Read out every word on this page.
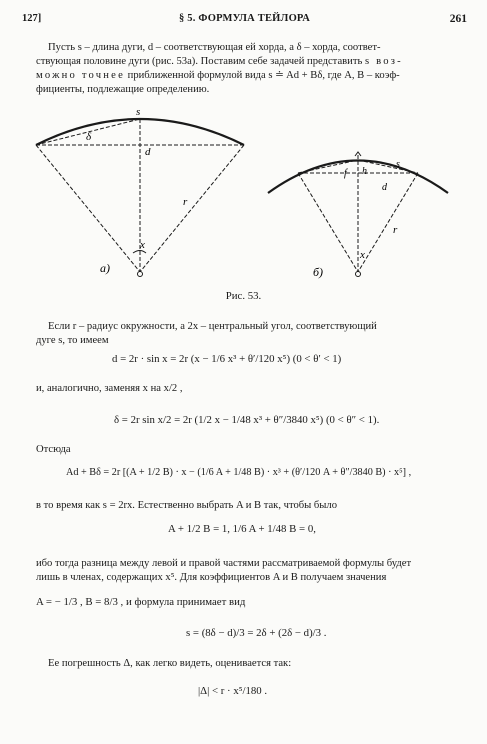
127]	§ 5. ФОРМУЛА ТЕЙЛОРА	261
Пусть s – длина дуги, d – соответствующая ей хорда, а δ – хорда, соответ-
ствующая половине дуги (рис. 53а). Поставим себе задачей представить s воз-
можно точнее приближенной формулой вида s ≐ Ad + Bδ, где A, B – коэф-
фициенты, подлежащие определению.
s
δ
d
r
x
a)
s
f h
d
r
x
б)
Рис. 53.
Если r – радиус окружности, а 2x – центральный угол, соответствующий
дуге s, то имеем
d = 2r · sin x = 2r (x − 1/6 x³ + θ′/120 x⁵) (0 < θ′ < 1)
и, аналогично, заменяя x на x/2 ,
δ = 2r sin x/2 = 2r (1/2 x − 1/48 x³ + θ″/3840 x⁵) (0 < θ″ < 1).
Отсюда
Ad + Bδ = 2r [(A + 1/2 B) · x − (1/6 A + 1/48 B) · x³ + (θ′/120 A + θ″/3840 B) · x⁵] ,
в то время как s = 2rx. Естественно выбрать A и B так, чтобы было
A + 1/2 B = 1, 1/6 A + 1/48 B = 0,
ибо тогда разница между левой и правой частями рассматриваемой формулы будет
лишь в членах, содержащих x⁵. Для коэффициентов A и B получаем значения
A = − 1/3 , B = 8/3 , и формула принимает вид
s = (8δ − d)/3 = 2δ + (2δ − d)/3 .
Ее погрешность Δ, как легко видеть, оценивается так:
|Δ| < r · x⁵/180 .
